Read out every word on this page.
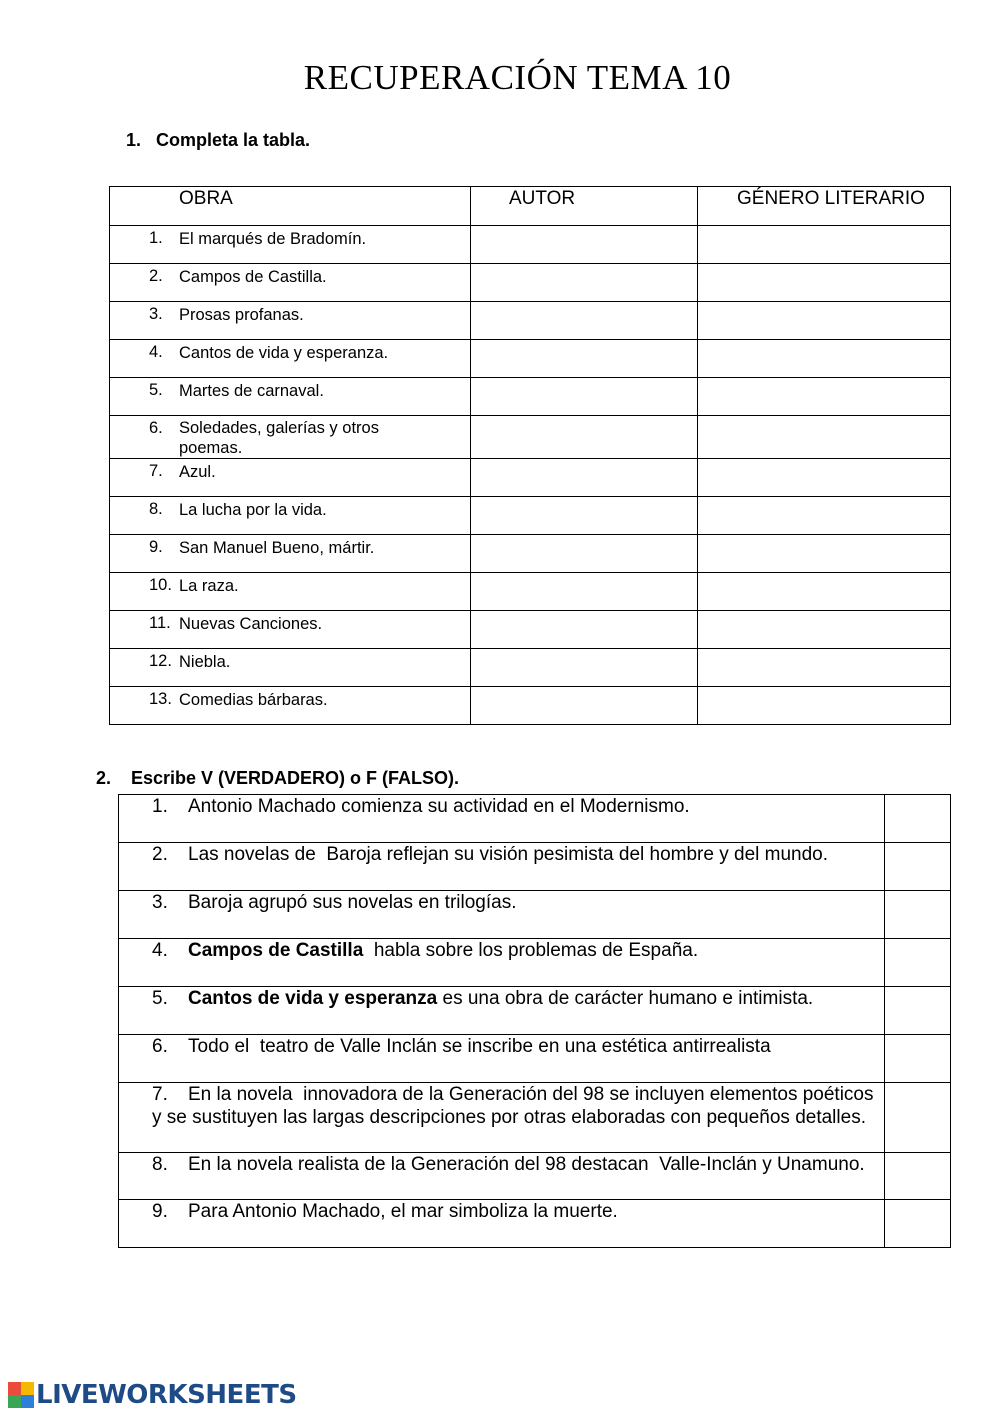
RECUPERACIÓN TEMA 10
1. Completa la tabla.
OBRA	AUTOR	GÉNERO LITERARIO

1. El marqués de Bradomín.		

2. Campos de Castilla.		

3. Prosas profanas.		

4. Cantos de vida y esperanza.		

5. Martes de carnaval.		

6. Soledades, galerías y otros poemas.		

7. Azul.		

8. La lucha por la vida.		

9. San Manuel Bueno, mártir.		

10. La raza.		

11. Nuevas Canciones.		

12. Niebla.		

13. Comedias bárbaras.		

2. Escribe V (VERDADERO) o F (FALSO).
1. Antonio Machado comienza su actividad en el Modernismo.	

2. Las novelas de  Baroja reflejan su visión pesimista del hombre y del mundo.	

3. Baroja agrupó sus novelas en trilogías.	

4. Campos de Castilla  habla sobre los problemas de España.	

5. Cantos de vida y esperanza es una obra de carácter humano e intimista.	

6. Todo el  teatro de Valle Inclán se inscribe en una estética antirrealista	

7. En la novela  innovadora de la Generación del 98 se incluyen elementos poéticos y se sustituyen las largas descripciones por otras elaboradas con pequeños detalles.	

8. En la novela realista de la Generación del 98 destacan  Valle-Inclán y Unamuno.	

9. Para Antonio Machado, el mar simboliza la muerte.	

LIVEWORKSHEETS
